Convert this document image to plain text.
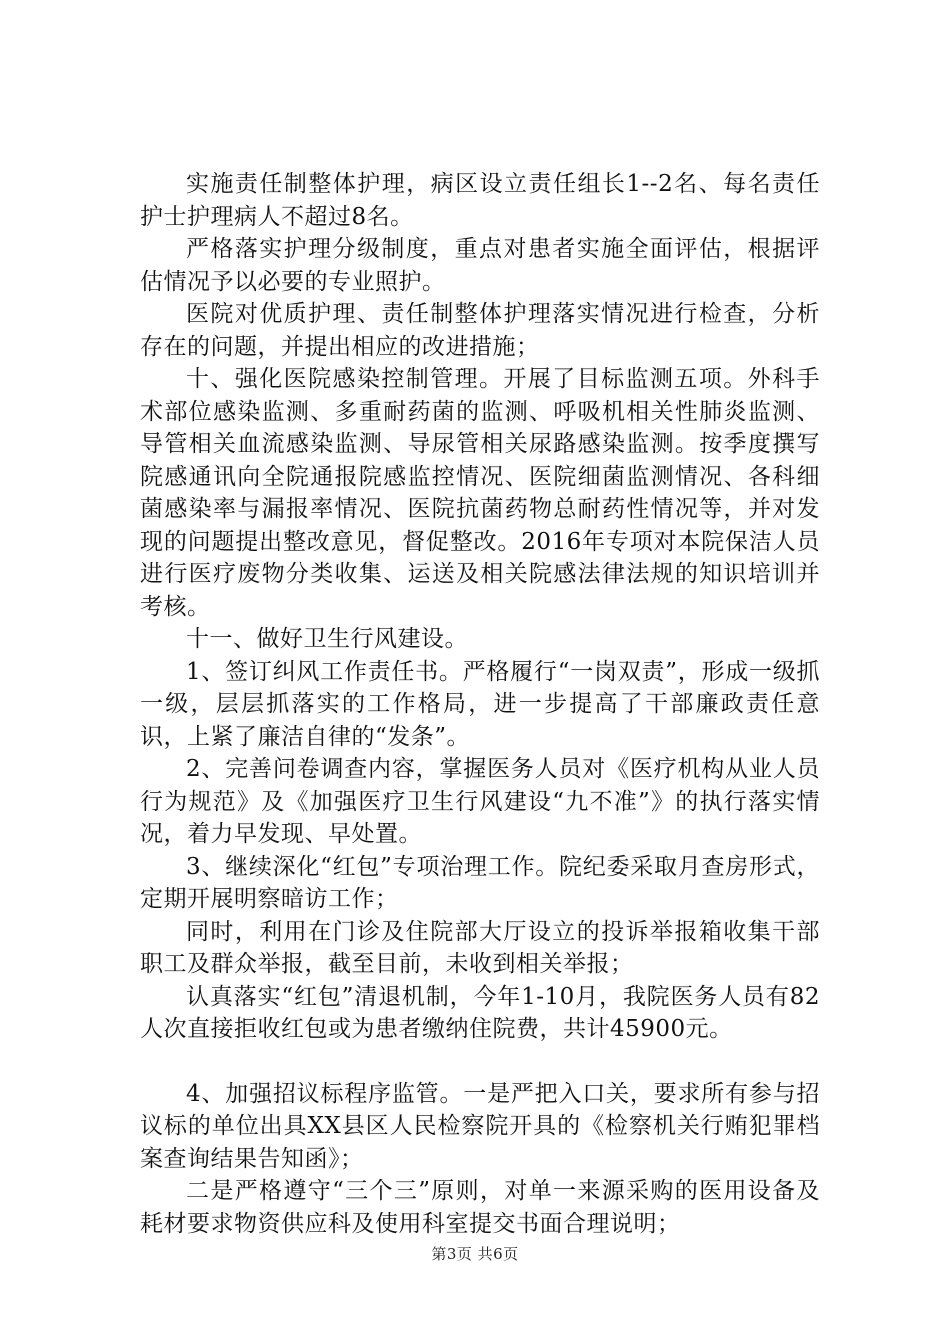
实施责任制整体护理，病区设立责任组长1--2名、每名责任护士护理病人不超过8名。

严格落实护理分级制度，重点对患者实施全面评估，根据评估情况予以必要的专业照护。

医院对优质护理、责任制整体护理落实情况进行检查，分析存在的问题，并提出相应的改进措施；

十、强化医院感染控制管理。开展了目标监测五项。外科手术部位感染监测、多重耐药菌的监测、呼吸机相关性肺炎监测、导管相关血流感染监测、导尿管相关尿路感染监测。按季度撰写院感通讯向全院通报院感监控情况、医院细菌监测情况、各科细菌感染率与漏报率情况、医院抗菌药物总耐药性情况等，并对发现的问题提出整改意见，督促整改。2016年专项对本院保洁人员进行医疗废物分类收集、运送及相关院感法律法规的知识培训并考核。

十一、做好卫生行风建设。

1、签订纠风工作责任书。严格履行“一岗双责”，形成一级抓一级，层层抓落实的工作格局，进一步提高了干部廉政责任意识，上紧了廉洁自律的“发条”。

2、完善问卷调查内容，掌握医务人员对《医疗机构从业人员行为规范》及《加强医疗卫生行风建设“九不准”》的执行落实情况，着力早发现、早处置。

3、继续深化“红包”专项治理工作。院纪委采取月查房形式，定期开展明察暗访工作；

同时，利用在门诊及住院部大厅设立的投诉举报箱收集干部职工及群众举报，截至目前，未收到相关举报；

认真落实“红包”清退机制，今年1-10月，我院医务人员有82人次直接拒收红包或为患者缴纳住院费，共计45900元。

4、加强招议标程序监管。一是严把入口关，要求所有参与招议标的单位出具XX县区人民检察院开具的《检察机关行贿犯罪档案查询结果告知函》；

二是严格遵守“三个三”原则，对单一来源采购的医用设备及耗材要求物资供应科及使用科室提交书面合理说明；

第3页 共6页
